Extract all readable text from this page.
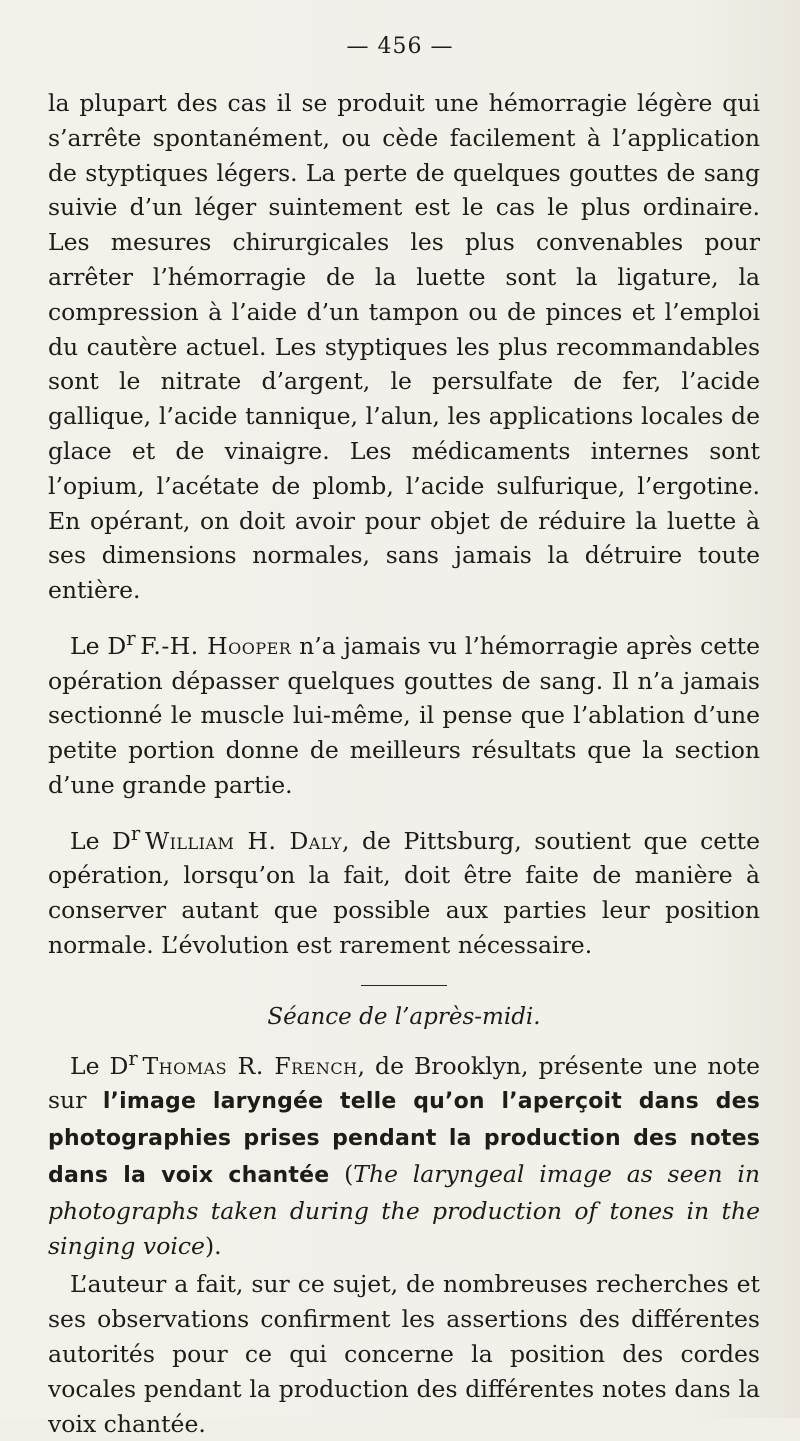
— 456 —

la plupart des cas il se produit une hémorragie légère qui s’arrête spontanément, ou cède facilement à l’application de styptiques légers. La perte de quelques gouttes de sang suivie d’un léger suintement est le cas le plus ordinaire. Les mesures chirurgicales les plus convenables pour arrêter l’hémorragie de la luette sont la ligature, la compression à l’aide d’un tampon ou de pinces et l’emploi du cautère actuel. Les styptiques les plus recommandables sont le nitrate d’argent, le persulfate de fer, l’acide gallique, l’acide tannique, l’alun, les applications locales de glace et de vinaigre. Les médicaments internes sont l’opium, l’acétate de plomb, l’acide sulfurique, l’ergotine. En opérant, on doit avoir pour objet de réduire la luette à ses dimensions normales, sans jamais la détruire toute entière.

Le $D^r$  F.-H. Hooper n’a jamais vu l’hémorragie après cette opération dépasser quelques gouttes de sang. Il n’a jamais sectionné le muscle lui-même, il pense que l’ablation d’une petite portion donne de meilleurs résultats que la section d’une grande partie.

Le $D^r$  William H. Daly, de Pittsburg, soutient que cette opération, lorsqu’on la fait, doit être faite de manière à conserver autant que possible aux parties leur position normale. L’évolution est rarement nécessaire.

Séance de l’après-midi.

Le $D^r$  Thomas R. French, de Brooklyn, présente une note sur l’image laryngée telle qu’on l’aperçoit dans des photographies prises pendant la production des notes dans la voix chantée (The laryngeal image as seen in photographs taken during the production of tones in the singing voice).

L’auteur a fait, sur ce sujet, de nombreuses recherches et ses observations confirment les assertions des différentes autorités pour ce qui concerne la position des cordes vocales pendant la production des différentes notes dans la voix chantée.
